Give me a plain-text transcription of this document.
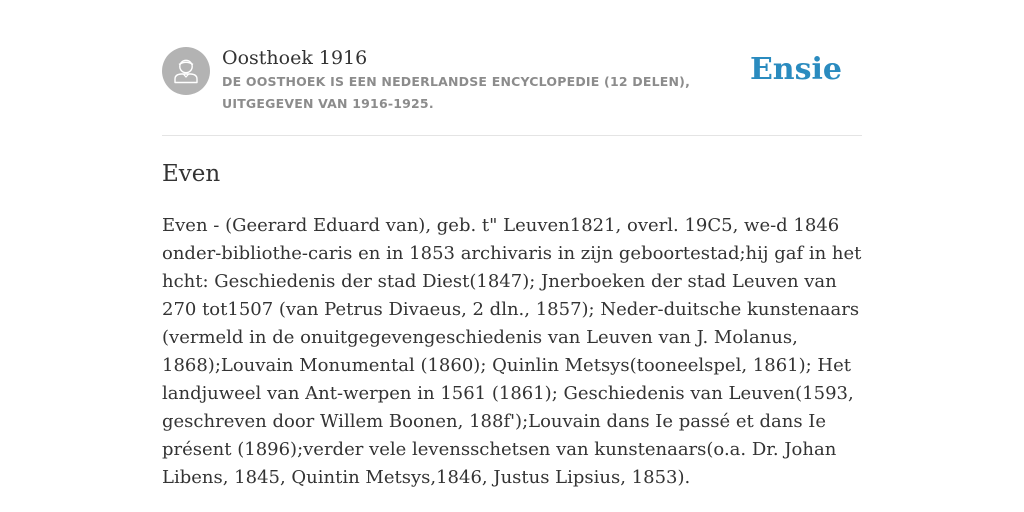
Oosthoek 1916

DE OOSTHOEK IS EEN NEDERLANDSE ENCYCLOPEDIE (12 DELEN), UITGEGEVEN VAN 1916-1925.

Ensie
Even

Even - (Geerard Eduard van), geb. t" Leuven1821, overl. 19C5, we-d 1846 onder-bibliothe-caris en in 1853 archivaris in zijn geboortestad;hij gaf in het hcht: Geschiedenis der stad Diest(1847); Jnerboeken der stad Leuven van 270 tot1507 (van Petrus Divaeus, 2 dln., 1857); Neder-duitsche kunstenaars (vermeld in de onuitgegevengeschiedenis van Leuven van J. Molanus, 1868);Louvain Monumental (1860); Quinlin Metsys(tooneelspel, 1861); Het landjuweel van Ant-werpen in 1561 (1861); Geschiedenis van Leuven(1593, geschreven door Willem Boonen, 188f');Louvain dans Ie passé et dans Ie présent (1896);verder vele levensschetsen van kunstenaars(o.a. Dr. Johan Libens, 1845, Quintin Metsys,1846, Justus Lipsius, 1853).
